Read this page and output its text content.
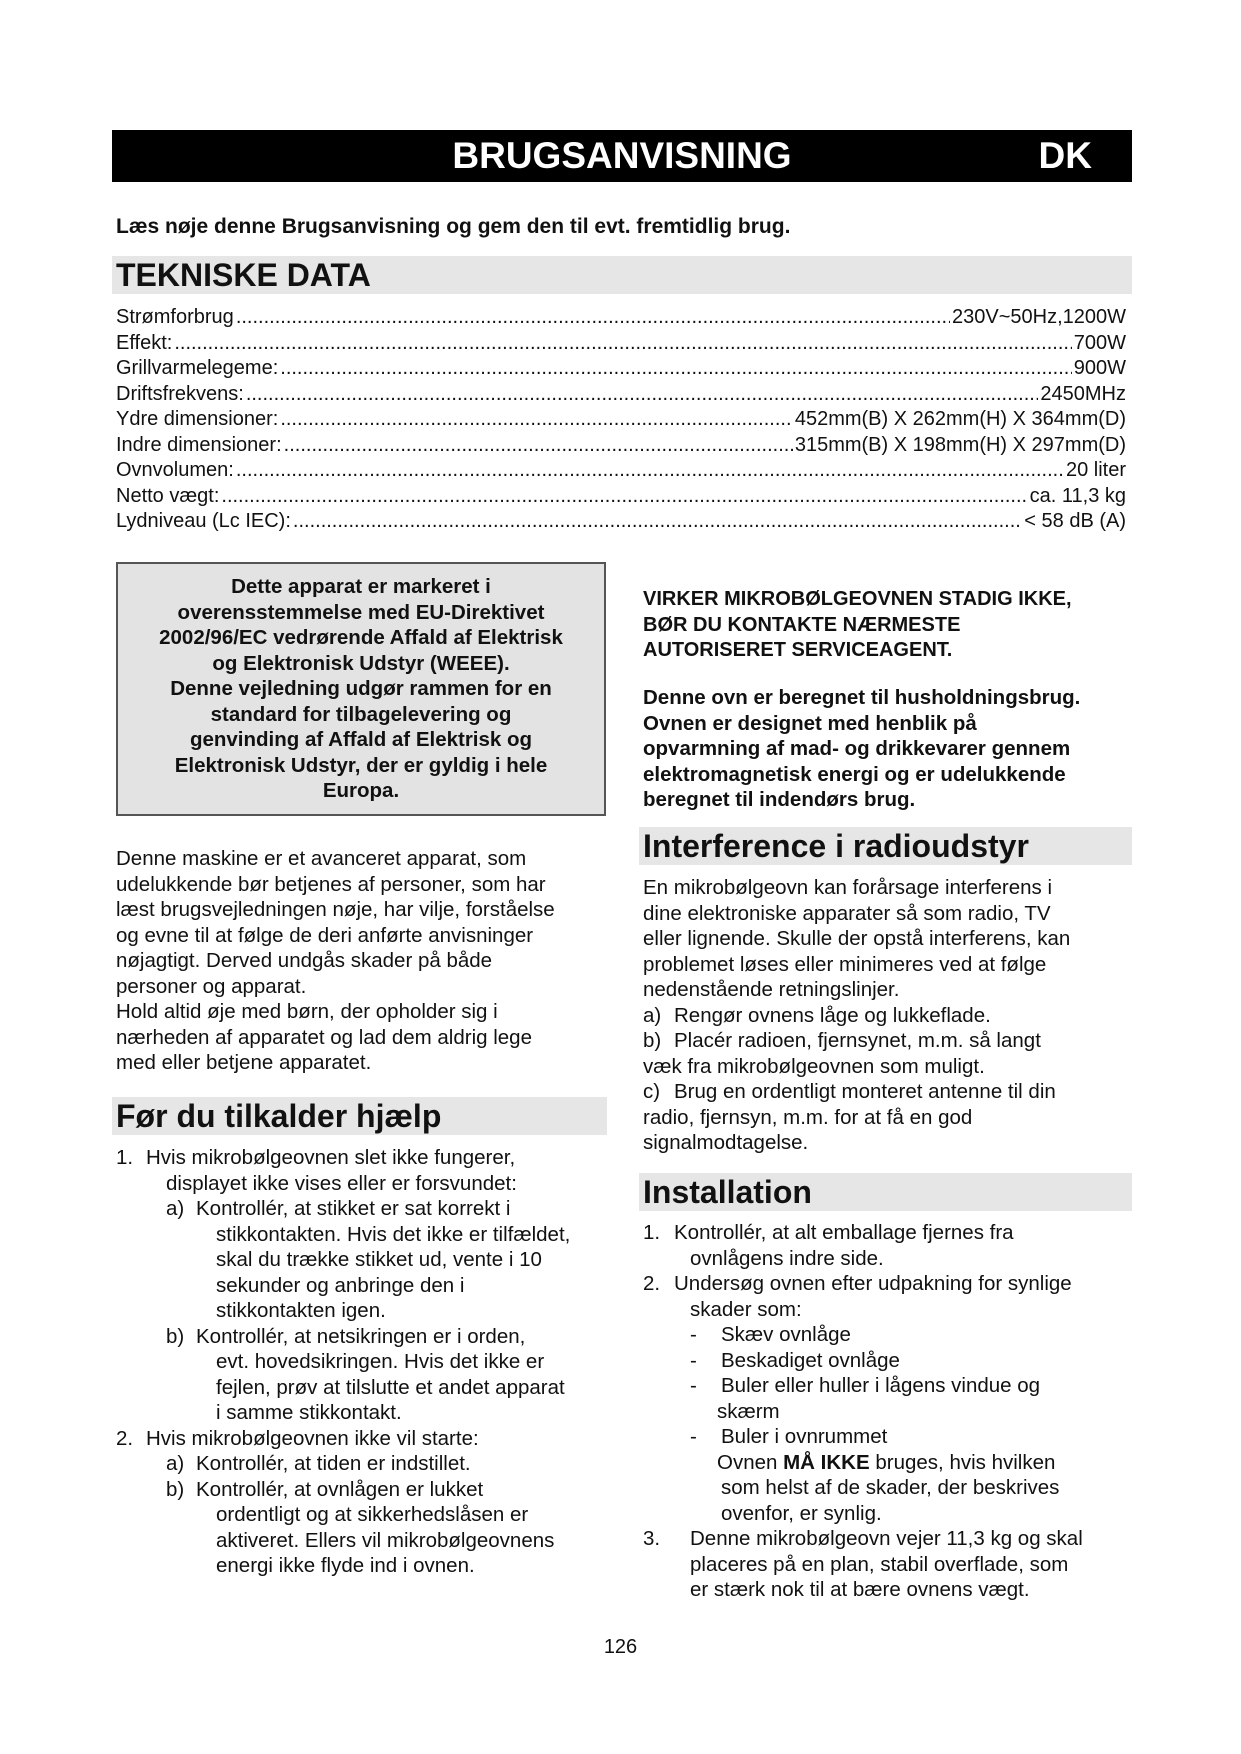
BRUGSANVISNING	DK
Læs nøje denne Brugsanvisning og gem den til evt. fremtidlig brug.
TEKNISKE DATA
Strømforbrug .....	230V~50Hz,1200W
Effekt: .....	700W
Grillvarmelegeme: .....	900W
Driftsfrekvens: .....	2450MHz
Ydre dimensioner: .....	452mm(B) X 262mm(H) X 364mm(D)
Indre dimensioner: .....	315mm(B) X 198mm(H) X 297mm(D)
Ovnvolumen: .....	20 liter
Netto vægt: .....	ca. 11,3 kg
Lydniveau (Lc IEC): .....	< 58 dB (A)
Dette apparat er markeret i
overensstemmelse med EU-Direktivet
2002/96/EC vedrørende Affald af Elektrisk
og Elektronisk Udstyr (WEEE).
Denne vejledning udgør rammen for en
standard for tilbagelevering og
genvinding af Affald af Elektrisk og
Elektronisk Udstyr, der er gyldig i hele
Europa.
Denne maskine er et avanceret apparat, som
udelukkende bør betjenes af personer, som har
læst brugsvejledningen nøje, har vilje, forståelse
og evne til at følge de deri anførte anvisninger
nøjagtigt. Derved undgås skader på både
personer og apparat.
Hold altid øje med børn, der opholder sig i
nærheden af apparatet og lad dem aldrig lege
med eller betjene apparatet.
Før du tilkalder hjælp
1. Hvis mikrobølgeovnen slet ikke fungerer,
displayet ikke vises eller er forsvundet:
a) Kontrollér, at stikket er sat korrekt i
stikkontakten. Hvis det ikke er tilfældet,
skal du trække stikket ud, vente i 10
sekunder og anbringe den i
stikkontakten igen.
b) Kontrollér, at netsikringen er i orden,
evt. hovedsikringen. Hvis det ikke er
fejlen, prøv at tilslutte et andet apparat
i samme stikkontakt.
2. Hvis mikrobølgeovnen ikke vil starte:
a) Kontrollér, at tiden er indstillet.
b) Kontrollér, at ovnlågen er lukket
ordentligt og at sikkerhedslåsen er
aktiveret. Ellers vil mikrobølgeovnens
energi ikke flyde ind i ovnen.
VIRKER MIKROBØLGEOVNEN STADIG IKKE,
BØR DU KONTAKTE NÆRMESTE
AUTORISERET SERVICEAGENT.
Denne ovn er beregnet til husholdningsbrug.
Ovnen er designet med henblik på
opvarmning af mad- og drikkevarer gennem
elektromagnetisk energi og er udelukkende
beregnet til indendørs brug.
Interference i radioudstyr
En mikrobølgeovn kan forårsage interferens i
dine elektroniske apparater så som radio, TV
eller lignende. Skulle der opstå interferens, kan
problemet løses eller minimeres ved at følge
nedenstående retningslinjer.
a) Rengør ovnens låge og lukkeflade.
b) Placér radioen, fjernsynet, m.m. så langt
væk fra mikrobølgeovnen som muligt.
c) Brug en ordentligt monteret antenne til din
radio, fjernsyn, m.m. for at få en god
signalmodtagelse.
Installation
1. Kontrollér, at alt emballage fjernes fra
ovnlågens indre side.
2. Undersøg ovnen efter udpakning for synlige
skader som:
- Skæv ovnlåge
- Beskadiget ovnlåge
- Buler eller huller i lågens vindue og
skærm
- Buler i ovnrummet
Ovnen MÅ IKKE bruges, hvis hvilken
som helst af de skader, der beskrives
ovenfor, er synlig.
3. Denne mikrobølgeovn vejer 11,3 kg og skal
placeres på en plan, stabil overflade, som
er stærk nok til at bære ovnens vægt.
126
